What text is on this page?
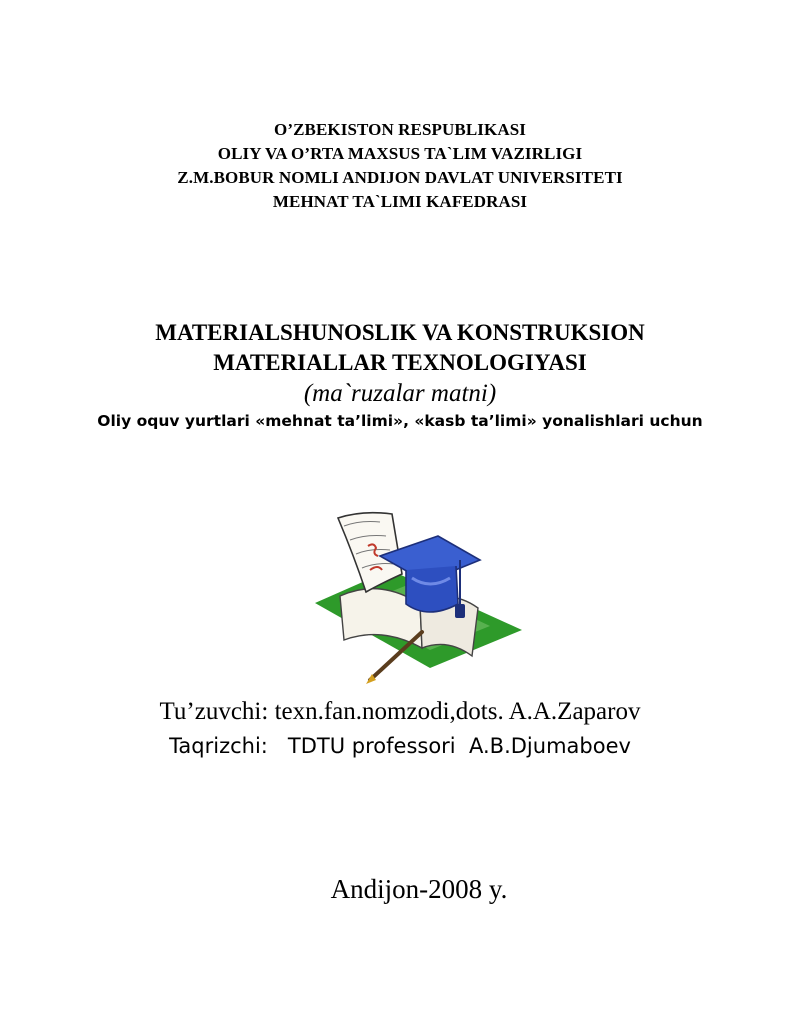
O’ZBEKISTON RESPUBLIKASI
OLIY VA O’RTA MAXSUS TA`LIM VAZIRLIGI
Z.M.BOBUR NOMLI ANDIJON DAVLAT UNIVERSITETI
MEHNAT TA`LIMI KAFEDRASI
MATERIALSHUNOSLIK VA KONSTRUKSION
MATERIALLAR TEXNOLOGIYASI
(ma`ruzalar matni)
Oliy oquv yurtlari «mehnat ta’limi», «kasb ta’limi» yonalishlari uchun
Tu’zuvchi: texn.fan.nomzodi,dots. A.A.Zaparov
Taqrizchi:   TDTU professori  A.B.Djumaboev
Andijon-2008 y.
